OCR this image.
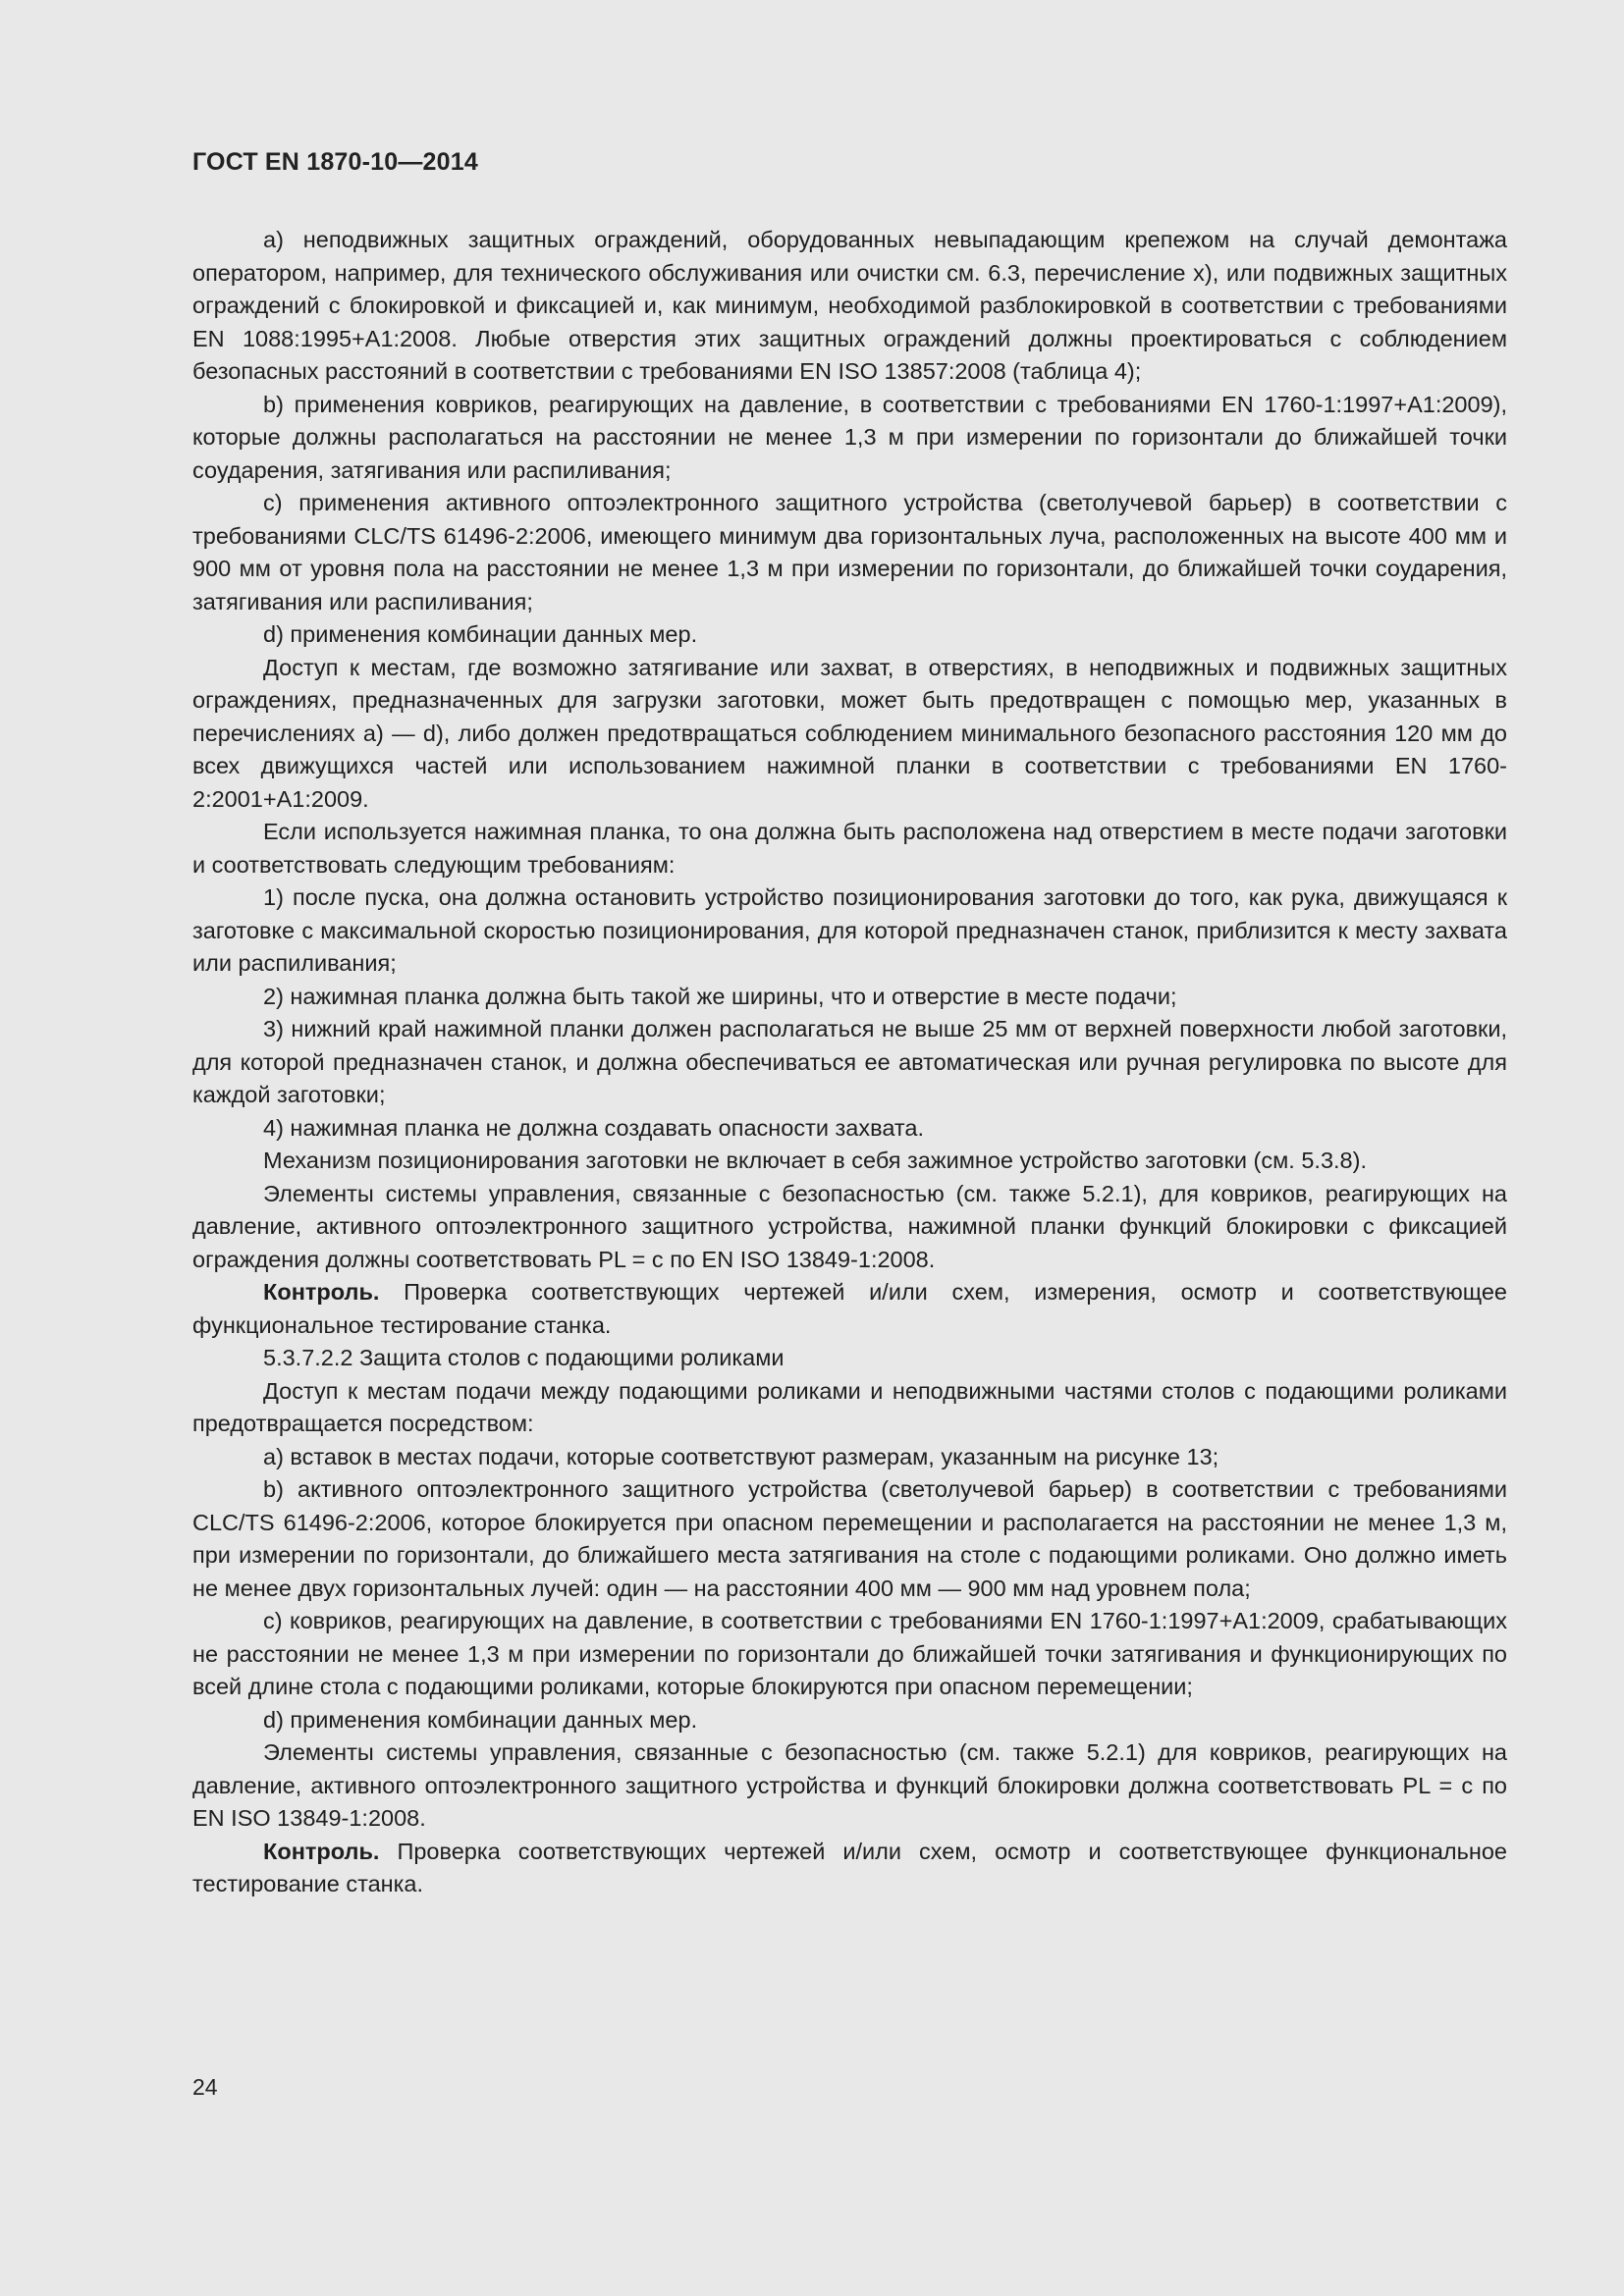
ГОСТ EN 1870-10—2014

а) неподвижных защитных ограждений, оборудованных невыпадающим крепежом на случай демонтажа оператором, например, для технического обслуживания или очистки см. 6.3, перечисление х), или подвижных защитных ограждений с блокировкой и фиксацией и, как минимум, необходимой разблокировкой в соответствии с требованиями EN 1088:1995+A1:2008. Любые отверстия этих защитных ограждений должны проектироваться с соблюдением безопасных расстояний в соответствии с требованиями EN ISO 13857:2008 (таблица 4);

b) применения ковриков, реагирующих на давление, в соответствии с требованиями EN 1760-1:1997+A1:2009), которые должны располагаться на расстоянии не менее 1,3 м при измерении по горизонтали до ближайшей точки соударения, затягивания или распиливания;

c) применения активного оптоэлектронного защитного устройства (светолучевой барьер) в соответствии с требованиями CLC/TS 61496-2:2006, имеющего минимум два горизонтальных луча, расположенных на высоте 400 мм и 900 мм от уровня пола на расстоянии не менее 1,3 м при измерении по горизонтали, до ближайшей точки соударения, затягивания или распиливания;

d) применения комбинации данных мер.

Доступ к местам, где возможно затягивание или захват, в отверстиях, в неподвижных и подвижных защитных ограждениях, предназначенных для загрузки заготовки, может быть предотвращен с помощью мер, указанных в перечислениях а) — d), либо должен предотвращаться соблюдением минимального безопасного расстояния 120 мм до всех движущихся частей или использованием нажимной планки в соответствии с требованиями EN 1760-2:2001+A1:2009.

Если используется нажимная планка, то она должна быть расположена над отверстием в месте подачи заготовки и соответствовать следующим требованиям:

1) после пуска, она должна остановить устройство позиционирования заготовки до того, как рука, движущаяся к заготовке с максимальной скоростью позиционирования, для которой предназначен станок, приблизится к месту захвата или распиливания;

2) нажимная планка должна быть такой же ширины, что и отверстие в месте подачи;

3) нижний край нажимной планки должен располагаться не выше 25 мм от верхней поверхности любой заготовки, для которой предназначен станок, и должна обеспечиваться ее автоматическая или ручная регулировка по высоте для каждой заготовки;

4) нажимная планка не должна создавать опасности захвата.

Механизм позиционирования заготовки не включает в себя зажимное устройство заготовки (см. 5.3.8).

Элементы системы управления, связанные с безопасностью (см. также 5.2.1), для ковриков, реагирующих на давление, активного оптоэлектронного защитного устройства, нажимной планки функций блокировки с фиксацией ограждения должны соответствовать PL = с по EN ISO 13849-1:2008.

Контроль. Проверка соответствующих чертежей и/или схем, измерения, осмотр и соответствующее функциональное тестирование станка.

5.3.7.2.2 Защита столов с подающими роликами

Доступ к местам подачи между подающими роликами и неподвижными частями столов с подающими роликами предотвращается посредством:

а) вставок в местах подачи, которые соответствуют размерам, указанным на рисунке 13;

b) активного оптоэлектронного защитного устройства (светолучевой барьер) в соответствии с требованиями CLC/TS 61496-2:2006, которое блокируется при опасном перемещении и располагается на расстоянии не менее 1,3 м, при измерении по горизонтали, до ближайшего места затягивания на столе с подающими роликами. Оно должно иметь не менее двух горизонтальных лучей: один — на расстоянии 400 мм — 900 мм над уровнем пола;

c) ковриков, реагирующих на давление, в соответствии с требованиями EN 1760-1:1997+A1:2009, срабатывающих не расстоянии не менее 1,3 м при измерении по горизонтали до ближайшей точки затягивания и функционирующих по всей длине стола с подающими роликами, которые блокируются при опасном перемещении;

d) применения комбинации данных мер.

Элементы системы управления, связанные с безопасностью (см. также 5.2.1) для ковриков, реагирующих на давление, активного оптоэлектронного защитного устройства и функций блокировки должна соответствовать PL = с по EN ISO 13849-1:2008.

Контроль. Проверка соответствующих чертежей и/или схем, осмотр и соответствующее функциональное тестирование станка.

24
